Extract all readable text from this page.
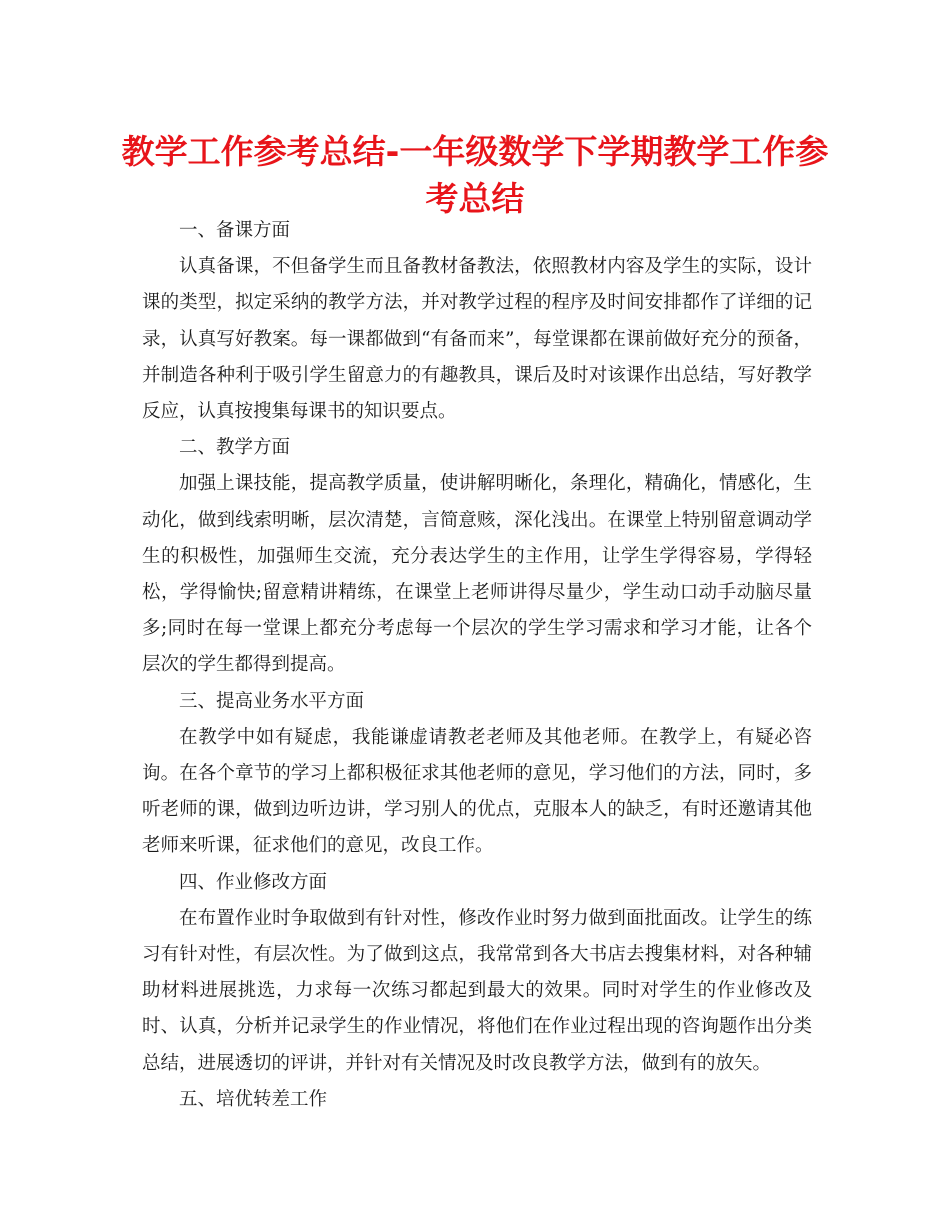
教学工作参考总结-一年级数学下学期教学工作参考总结

一、备课方面

认真备课，不但备学生而且备教材备教法，依照教材内容及学生的实际，设计课的类型，拟定采纳的教学方法，并对教学过程的程序及时间安排都作了详细的记录，认真写好教案。每一课都做到“有备而来”，每堂课都在课前做好充分的预备，并制造各种利于吸引学生留意力的有趣教具，课后及时对该课作出总结，写好教学反应，认真按搜集每课书的知识要点。

二、教学方面

加强上课技能，提高教学质量，使讲解明晰化，条理化，精确化，情感化，生动化，做到线索明晰，层次清楚，言简意赅，深化浅出。在课堂上特别留意调动学生的积极性，加强师生交流，充分表达学生的主作用，让学生学得容易，学得轻松，学得愉快;留意精讲精练，在课堂上老师讲得尽量少，学生动口动手动脑尽量多;同时在每一堂课上都充分考虑每一个层次的学生学习需求和学习才能，让各个层次的学生都得到提高。

三、提高业务水平方面

在教学中如有疑虑，我能谦虚请教老老师及其他老师。在教学上，有疑必咨询。在各个章节的学习上都积极征求其他老师的意见，学习他们的方法，同时，多听老师的课，做到边听边讲，学习别人的优点，克服本人的缺乏，有时还邀请其他老师来听课，征求他们的意见，改良工作。

四、作业修改方面

在布置作业时争取做到有针对性，修改作业时努力做到面批面改。让学生的练习有针对性，有层次性。为了做到这点，我常常到各大书店去搜集材料，对各种辅助材料进展挑选，力求每一次练习都起到最大的效果。同时对学生的作业修改及时、认真，分析并记录学生的作业情况，将他们在作业过程出现的咨询题作出分类总结，进展透切的评讲，并针对有关情况及时改良教学方法，做到有的放矢。

五、培优转差工作
